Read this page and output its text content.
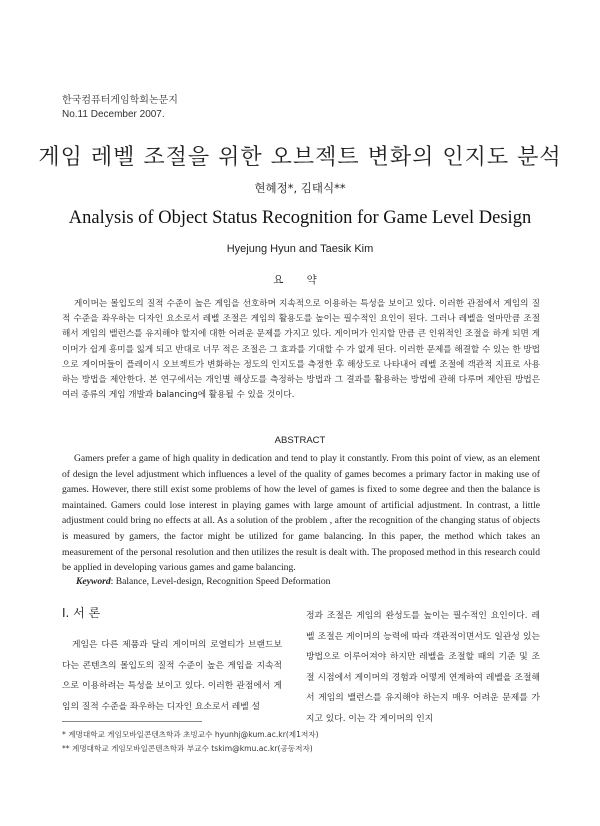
한국컴퓨터게임학회논문지
No.11 December 2007.
게임 레벨 조절을 위한 오브젝트 변화의 인지도 분석
현혜정*, 김태식**
Analysis of Object Status Recognition for Game Level Design
Hyejung Hyun and Taesik Kim
요 약
게이머는 몰입도의 질적 수준이 높은 게임을 선호하며 지속적으로 이용하는 특성을 보이고 있다. 이러한 관점에서 게임의 질적 수준을 좌우하는 디자인 요소로서 레벨 조절은 게임의 활용도를 높이는 필수적인 요인이 된다. 그러나 레벨을 얼마만큼 조절해서 게임의 밸런스를 유지해야 할지에 대한 어려운 문제를 가지고 있다. 게이머가 인지할 만큼 큰 인위적인 조절을 하게 되면 게이머가 쉽게 흥미를 잃게 되고 반대로 너무 적은 조절은 그 효과를 기대할 수 가 없게 된다. 이러한 문제를 해결할 수 있는 한 방법으로 게이머들이 플레이시 오브젝트가 변화하는 정도의 인지도를 측정한 후 해상도로 나타내어 레벨 조절에 객관적 지표로 사용하는 방법을 제안한다. 본 연구에서는 개인별 해상도를 측정하는 방법과 그 결과를 활용하는 방법에 관해 다루며 제안된 방법은 여러 종류의 게임 개발과 balancing에 활용될 수 있을 것이다.
ABSTRACT
Gamers prefer a game of high quality in dedication and tend to play it constantly. From this point of view, as an element of design the level adjustment which influences a level of the quality of games becomes a primary factor in making use of games. However, there still exist some problems of how the level of games is fixed to some degree and then the balance is maintained. Gamers could lose interest in playing games with large amount of artificial adjustment. In contrast, a little adjustment could bring no effects at all. As a solution of the problem , after the recognition of the changing status of objects is measured by gamers, the factor might be utilized for game balancing. In this paper, the method which takes an measurement of the personal resolution and then utilizes the result is dealt with. The proposed method in this research could be applied in developing various games and game balancing.
Keyword: Balance, Level-design, Recognition Speed Deformation
Ⅰ. 서 론
게임은 다른 제품과 달리 게이머의 로열티가 브랜드보다는 콘텐츠의 몰입도의 질적 수준이 높은 게임을 지속적으로 이용하려는 특성을 보이고 있다. 이러한 관점에서 게임의 질적 수준을 좌우하는 디자인 요소로서 레벨 설
정과 조절은 게임의 완성도를 높이는 필수적인 요인이다. 레벨 조절은 게이머의 능력에 따라 객관적이면서도 일관성 있는 방법으로 이루어져야 하지만 레벨을 조절할 때의 기준 및 조절 시점에서 게이머의 경험과 어떻게 연계하여 레벨을 조절해서 게임의 밸런스를 유지해야 하는지 매우 어려운 문제를 가지고 있다. 이는 각 게이머의 인지
* 계명대학교 게임모바일콘텐츠학과 초빙교수 hyunhj@kum.ac.kr(제1저자)
** 계명대학교 게임모바일콘텐츠학과 부교수 tskim@kmu.ac.kr(공동저자)
